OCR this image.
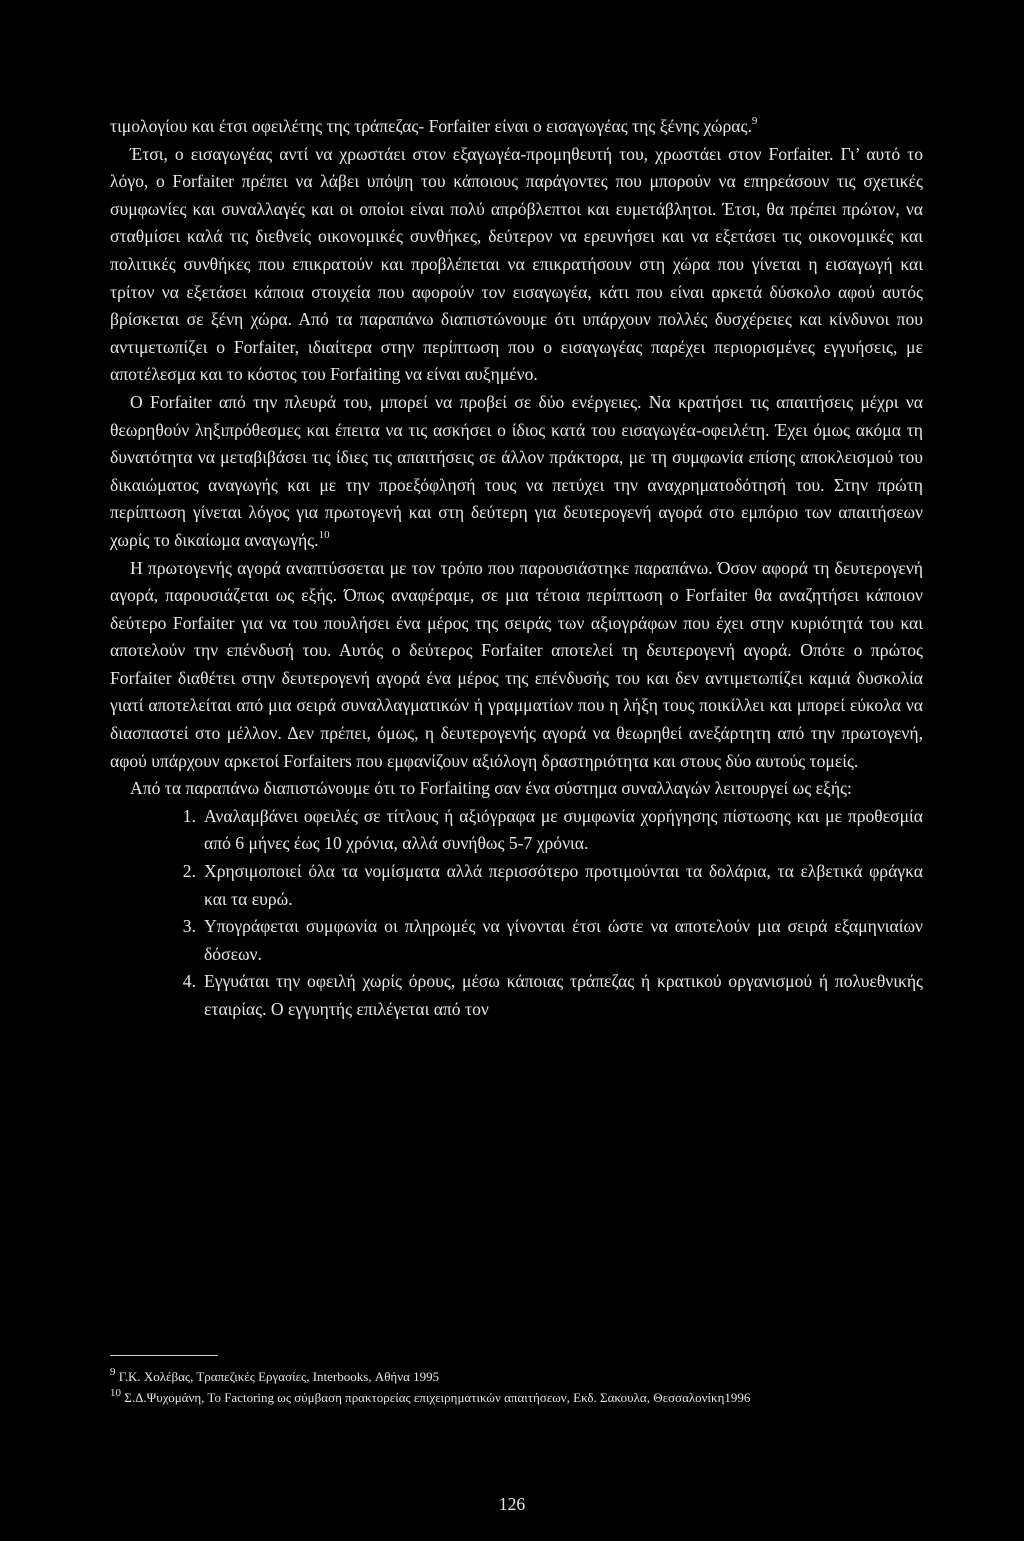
τιμολογίου και έτσι οφειλέτης της τράπεζας- Forfaiter είναι ο εισαγωγέας της ξένης χώρας.$^9$

Έτσι, ο εισαγωγέας αντί να χρωστάει στον εξαγωγέα-προμηθευτή του, χρωστάει στον Forfaiter. Γι’ αυτό το λόγο, ο Forfaiter πρέπει να λάβει υπόψη του κάποιους παράγοντες που μπορούν να επηρεάσουν τις σχετικές συμφωνίες και συναλλαγές και οι οποίοι είναι πολύ απρόβλεπτοι και ευμετάβλητοι. Έτσι, θα πρέπει πρώτον, να σταθμίσει καλά τις διεθνείς οικονομικές συνθήκες, δεύτερον να ερευνήσει και να εξετάσει τις οικονομικές και πολιτικές συνθήκες που επικρατούν και προβλέπεται να επικρατήσουν στη χώρα που γίνεται η εισαγωγή και τρίτον να εξετάσει κάποια στοιχεία που αφορούν τον εισαγωγέα, κάτι που είναι αρκετά δύσκολο αφού αυτός βρίσκεται σε ξένη χώρα. Από τα παραπάνω διαπιστώνουμε ότι υπάρχουν πολλές δυσχέρειες και κίνδυνοι που αντιμετωπίζει ο Forfaiter, ιδιαίτερα στην περίπτωση που ο εισαγωγέας παρέχει περιορισμένες εγγυήσεις, με αποτέλεσμα και το κόστος του Forfaiting να είναι αυξημένο.

Ο Forfaiter από την πλευρά του, μπορεί να προβεί σε δύο ενέργειες. Να κρατήσει τις απαιτήσεις μέχρι να θεωρηθούν ληξιπρόθεσμες και έπειτα να τις ασκήσει ο ίδιος κατά του εισαγωγέα-οφειλέτη. Έχει όμως ακόμα τη δυνατότητα να μεταβιβάσει τις ίδιες τις απαιτήσεις σε άλλον πράκτορα, με τη συμφωνία επίσης αποκλεισμού του δικαιώματος αναγωγής και με την προεξόφλησή τους να πετύχει την αναχρηματοδότησή του. Στην πρώτη περίπτωση γίνεται λόγος για πρωτογενή και στη δεύτερη για δευτερογενή αγορά στο εμπόριο των απαιτήσεων χωρίς το δικαίωμα αναγωγής.$^{10}$

Η πρωτογενής αγορά αναπτύσσεται με τον τρόπο που παρουσιάστηκε παραπάνω. Όσον αφορά τη δευτερογενή αγορά, παρουσιάζεται ως εξής. Όπως αναφέραμε, σε μια τέτοια περίπτωση ο Forfaiter θα αναζητήσει κάποιον δεύτερο Forfaiter για να του πουλήσει ένα μέρος της σειράς των αξιογράφων που έχει στην κυριότητά του και αποτελούν την επένδυσή του. Αυτός ο δεύτερος Forfaiter αποτελεί τη δευτερογενή αγορά. Οπότε ο πρώτος Forfaiter διαθέτει στην δευτερογενή αγορά ένα μέρος της επένδυσής του και δεν αντιμετωπίζει καμιά δυσκολία γιατί αποτελείται από μια σειρά συναλλαγματικών ή γραμματίων που η λήξη τους ποικίλλει και μπορεί εύκολα να διασπαστεί στο μέλλον. Δεν πρέπει, όμως, η δευτερογενής αγορά να θεωρηθεί ανεξάρτητη από την πρωτογενή, αφού υπάρχουν αρκετοί Forfaiters που εμφανίζουν αξιόλογη δραστηριότητα και στους δύο αυτούς τομείς.

Από τα παραπάνω διαπιστώνουμε ότι το Forfaiting σαν ένα σύστημα συναλλαγών λειτουργεί ως εξής:

1. Αναλαμβάνει οφειλές σε τίτλους ή αξιόγραφα με συμφωνία χορήγησης πίστωσης και με προθεσμία από 6 μήνες έως 10 χρόνια, αλλά συνήθως 5-7 χρόνια.
2. Χρησιμοποιεί όλα τα νομίσματα αλλά περισσότερο προτιμούνται τα δολάρια, τα ελβετικά φράγκα και τα ευρώ.
3. Υπογράφεται συμφωνία οι πληρωμές να γίνονται έτσι ώστε να αποτελούν μια σειρά εξαμηνιαίων δόσεων.
4. Εγγυάται την οφειλή χωρίς όρους, μέσω κάποιας τράπεζας ή κρατικού οργανισμού ή πολυεθνικής εταιρίας. Ο εγγυητής επιλέγεται από τον

$^9$ Γ.Κ. Χολέβας, Τραπεζικές Εργασίες, Interbooks, Αθήνα 1995

$^{10}$ Σ.Δ.Ψυχομάνη, Το Factoring ως σύμβαση πρακτορείας επιχειρηματικών απαιτήσεων, Εκδ. Σακουλα, Θεσσαλονίκη1996

126
